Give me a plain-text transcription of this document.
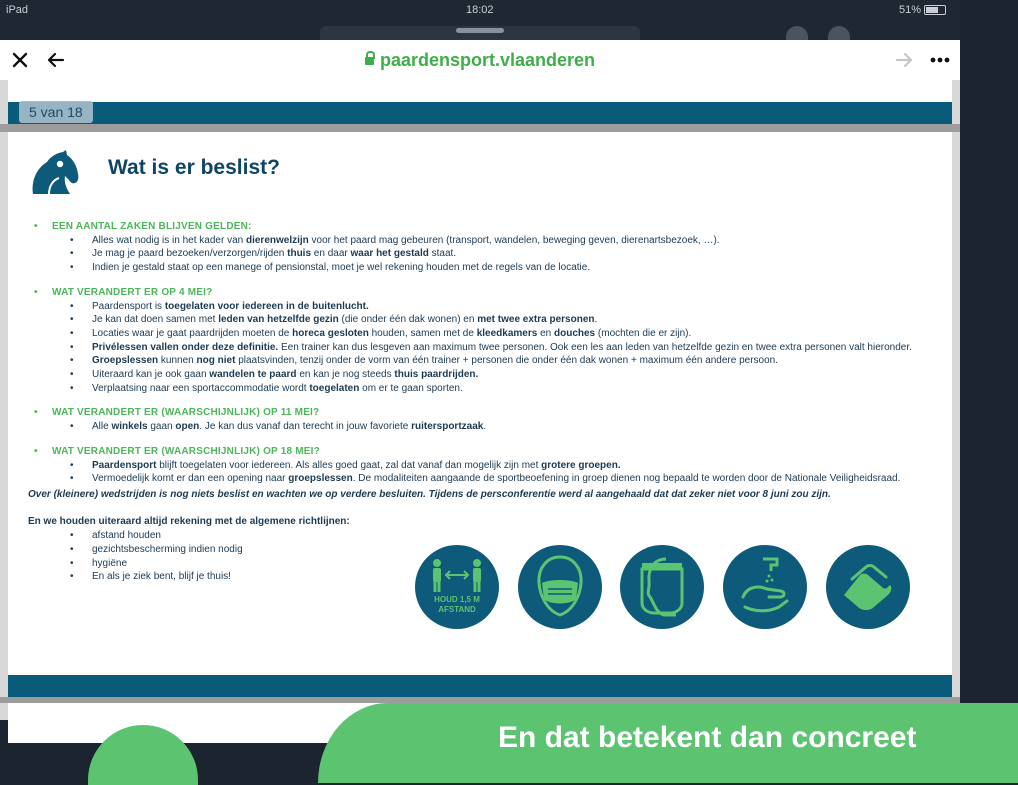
iPad	18:02	51%
paardensport.vlaanderen
5 van 18
Wat is er beslist?
• EEN AANTAL ZAKEN BLIJVEN GELDEN:
• Alles wat nodig is in het kader van dierenwelzijn voor het paard mag gebeuren (transport, wandelen, beweging geven, dierenartsbezoek, …).
• Je mag je paard bezoeken/verzorgen/rijden thuis en daar waar het gestald staat.
• Indien je gestald staat op een manege of pensionstal, moet je wel rekening houden met de regels van de locatie.
• WAT VERANDERT ER OP 4 MEI?
• Paardensport is toegelaten voor iedereen in de buitenlucht.
• Je kan dat doen samen met leden van hetzelfde gezin (die onder één dak wonen) en met twee extra personen.
• Locaties waar je gaat paardrijden moeten de horeca gesloten houden, samen met de kleedkamers en douches (mochten die er zijn).
• Privélessen vallen onder deze definitie. Een trainer kan dus lesgeven aan maximum twee personen. Ook een les aan leden van hetzelfde gezin en twee extra personen valt hieronder.
• Groepslessen kunnen nog niet plaatsvinden, tenzij onder de vorm van één trainer + personen die onder één dak wonen + maximum één andere persoon.
• Uiteraard kan je ook gaan wandelen te paard en kan je nog steeds thuis paardrijden.
• Verplaatsing naar een sportaccommodatie wordt toegelaten om er te gaan sporten.
• WAT VERANDERT ER (WAARSCHIJNLIJK) OP 11 MEI?
• Alle winkels gaan open. Je kan dus vanaf dan terecht in jouw favoriete ruitersportzaak.
• WAT VERANDERT ER (WAARSCHIJNLIJK) OP 18 MEI?
• Paardensport blijft toegelaten voor iedereen. Als alles goed gaat, zal dat vanaf dan mogelijk zijn met grotere groepen.
• Vermoedelijk komt er dan een opening naar groepslessen. De modaliteiten aangaande de sportbeoefening in groep dienen nog bepaald te worden door de Nationale Veiligheidsraad.
Over (kleinere) wedstrijden is nog niets beslist en wachten we op verdere besluiten. Tijdens de persconferentie werd al aangehaald dat dat zeker niet voor 8 juni zou zijn.
En we houden uiteraard altijd rekening met de algemene richtlijnen:
• afstand houden
• gezichtsbescherming indien nodig
• hygiëne
• En als je ziek bent, blijf je thuis!
HOUD 1,5 M AFSTAND
En dat betekent dan concreet
